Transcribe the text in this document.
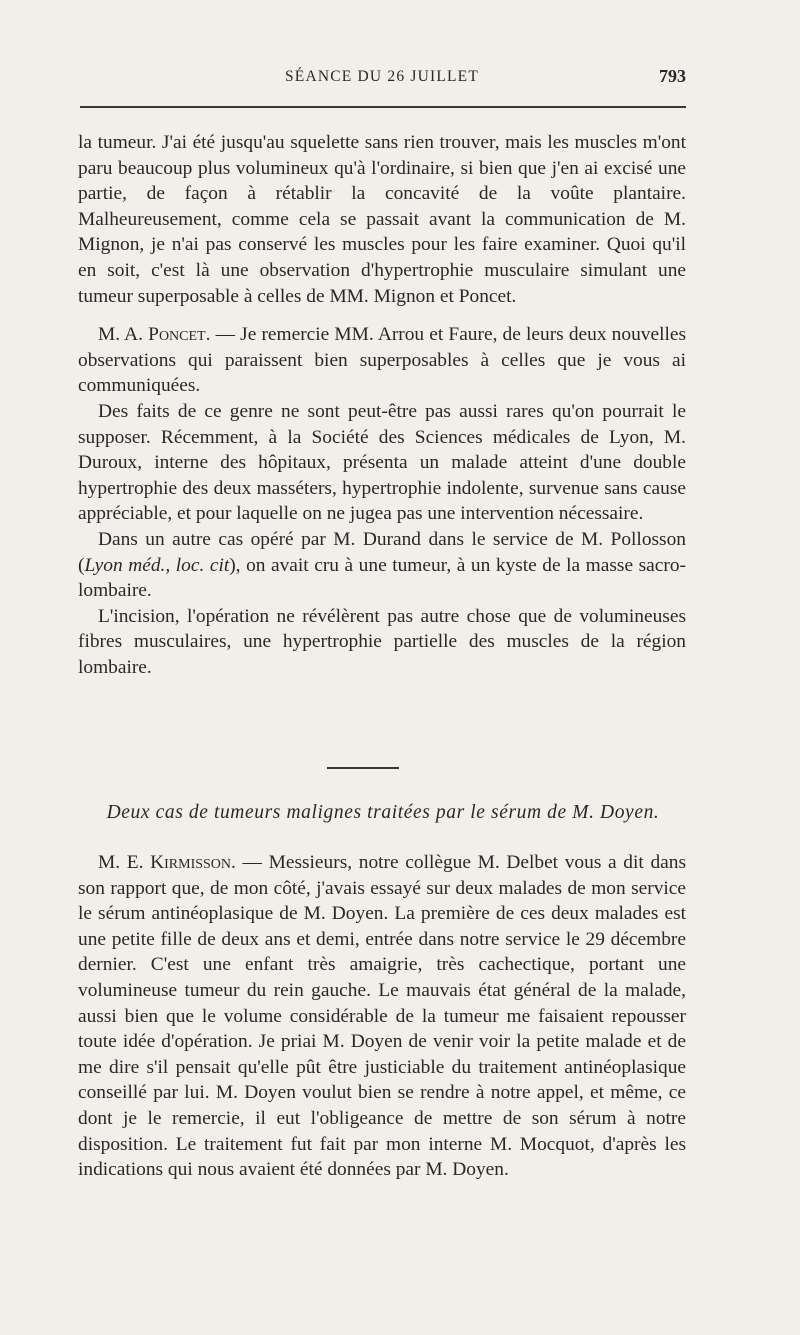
SÉANCE DU 26 JUILLET	793

la tumeur. J'ai été jusqu'au squelette sans rien trouver, mais les muscles m'ont paru beaucoup plus volumineux qu'à l'ordinaire, si bien que j'en ai excisé une partie, de façon à rétablir la concavité de la voûte plantaire. Malheureusement, comme cela se passait avant la communication de M. Mignon, je n'ai pas conservé les muscles pour les faire examiner. Quoi qu'il en soit, c'est là une observation d'hypertrophie musculaire simulant une tumeur superposable à celles de MM. Mignon et Poncet.

M. A. Poncet. — Je remercie MM. Arrou et Faure, de leurs deux nouvelles observations qui paraissent bien superposables à celles que je vous ai communiquées.

Des faits de ce genre ne sont peut-être pas aussi rares qu'on pourrait le supposer. Récemment, à la Société des Sciences médicales de Lyon, M. Duroux, interne des hôpitaux, présenta un malade atteint d'une double hypertrophie des deux masséters, hypertrophie indolente, survenue sans cause appréciable, et pour laquelle on ne jugea pas une intervention nécessaire.

Dans un autre cas opéré par M. Durand dans le service de M. Pollosson (Lyon méd., loc. cit), on avait cru à une tumeur, à un kyste de la masse sacro-lombaire.

L'incision, l'opération ne révélèrent pas autre chose que de volumineuses fibres musculaires, une hypertrophie partielle des muscles de la région lombaire.

Deux cas de tumeurs malignes traitées par le sérum de M. Doyen.

M. E. Kirmisson. — Messieurs, notre collègue M. Delbet vous a dit dans son rapport que, de mon côté, j'avais essayé sur deux malades de mon service le sérum antinéoplasique de M. Doyen. La première de ces deux malades est une petite fille de deux ans et demi, entrée dans notre service le 29 décembre dernier. C'est une enfant très amaigrie, très cachectique, portant une volumineuse tumeur du rein gauche. Le mauvais état général de la malade, aussi bien que le volume considérable de la tumeur me faisaient repousser toute idée d'opération. Je priai M. Doyen de venir voir la petite malade et de me dire s'il pensait qu'elle pût être justiciable du traitement antinéoplasique conseillé par lui. M. Doyen voulut bien se rendre à notre appel, et même, ce dont je le remercie, il eut l'obligeance de mettre de son sérum à notre disposition. Le traitement fut fait par mon interne M. Mocquot, d'après les indications qui nous avaient été données par M. Doyen.
